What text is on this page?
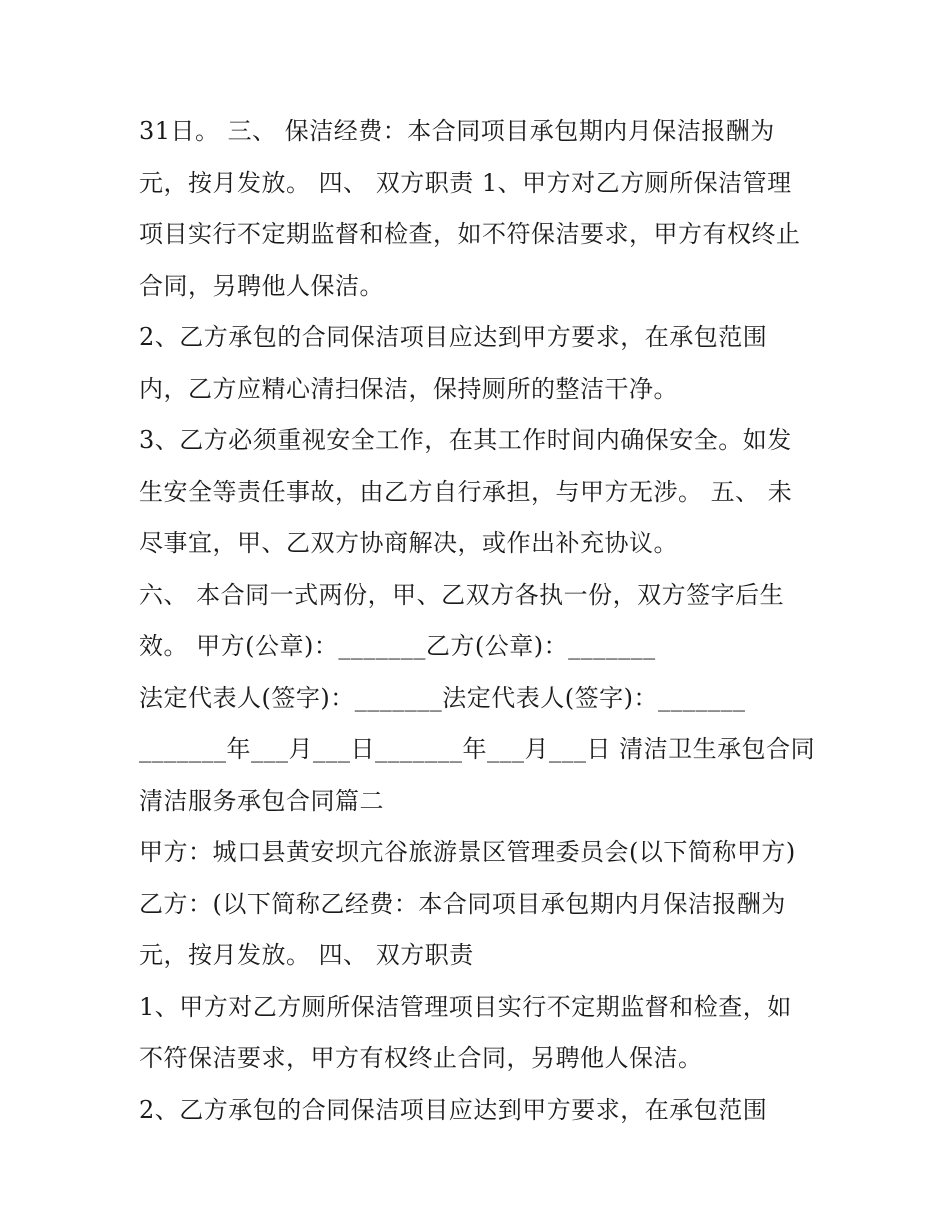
31日。 三、 保洁经费：本合同项目承包期内月保洁报酬为
元，按月发放。 四、 双方职责 1、甲方对乙方厕所保洁管理
项目实行不定期监督和检查，如不符保洁要求，甲方有权终止
合同，另聘他人保洁。
2、乙方承包的合同保洁项目应达到甲方要求，在承包范围
内，乙方应精心清扫保洁，保持厕所的整洁干净。
3、乙方必须重视安全工作，在其工作时间内确保安全。如发
生安全等责任事故，由乙方自行承担，与甲方无涉。 五、 未
尽事宜，甲、乙双方协商解决，或作出补充协议。
六、 本合同一式两份，甲、乙双方各执一份，双方签字后生
效。 甲方(公章)：_______乙方(公章)：_______
法定代表人(签字)：_______法定代表人(签字)：_______
_______年___月___日_______年___月___日 清洁卫生承包合同
清洁服务承包合同篇二
甲方：城口县黄安坝亢谷旅游景区管理委员会(以下简称甲方)
乙方：(以下简称乙经费：本合同项目承包期内月保洁报酬为
元，按月发放。 四、 双方职责
1、甲方对乙方厕所保洁管理项目实行不定期监督和检查，如
不符保洁要求，甲方有权终止合同，另聘他人保洁。
2、乙方承包的合同保洁项目应达到甲方要求，在承包范围
